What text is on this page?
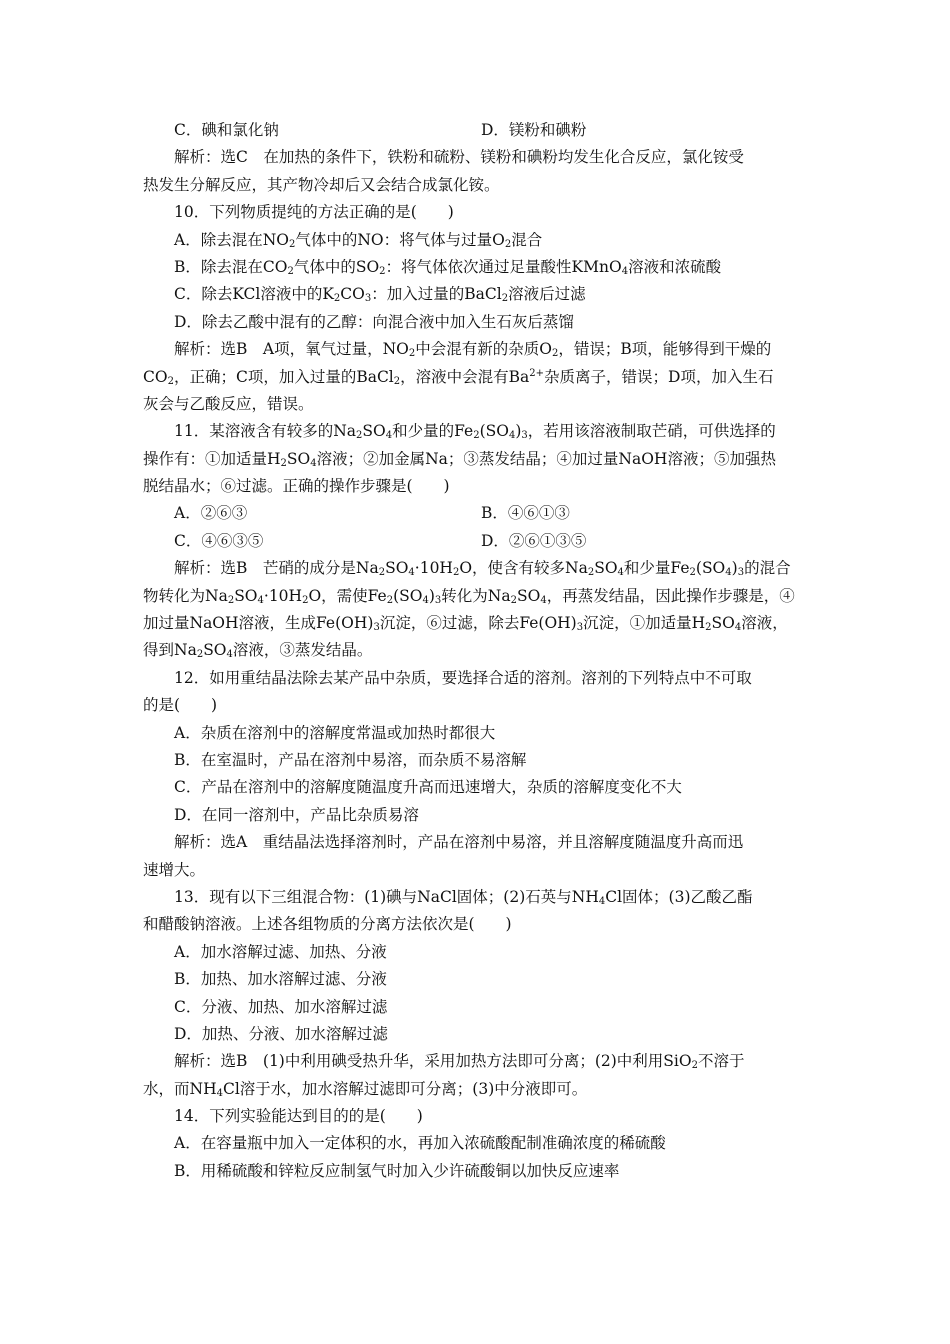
C．碘和氯化钠	D．镁粉和碘粉
解析：选C　在加热的条件下，铁粉和硫粉、镁粉和碘粉均发生化合反应，氯化铵受
热发生分解反应，其产物冷却后又会结合成氯化铵。
10．下列物质提纯的方法正确的是(　　)
A．除去混在$NO_2$气体中的NO：将气体与过量$O_2$混合
B．除去混在$CO_2$气体中的$SO_2$：将气体依次通过足量酸性KMnO$_4$溶液和浓硫酸
C．除去KCl溶液中的$K_2CO_3$：加入过量的BaCl$_2$溶液后过滤
D．除去乙酸中混有的乙醇：向混合液中加入生石灰后蒸馏
解析：选B　A项，氧气过量，$NO_2$中会混有新的杂质$O_2$，错误；B项，能够得到干燥的
$CO_2$，正确；C项，加入过量的BaCl$_2$，溶液中会混有$Ba^{2+}$杂质离子，错误；D项，加入生石
灰会与乙酸反应，错误。
11．某溶液含有较多的$Na_2SO_4$和少量的$Fe_2(SO_4)_3$，若用该溶液制取芒硝，可供选择的
操作有：①加适量$H_2SO_4$溶液；②加金属Na；③蒸发结晶；④加过量NaOH溶液；⑤加强热
脱结晶水；⑥过滤。正确的操作步骤是(　　)
A．②⑥③	B．④⑥①③
C．④⑥③⑤	D．②⑥①③⑤
解析：选B　芒硝的成分是$Na_2SO_4\cdot 10H_2O$，使含有较多$Na_2SO_4$和少量$Fe_2(SO_4)_3$的混合
物转化为$Na_2SO_4\cdot 10H_2O$，需使$Fe_2(SO_4)_3$转化为$Na_2SO_4$，再蒸发结晶，因此操作步骤是，④
加过量NaOH溶液，生成$Fe(OH)_3$沉淀，⑥过滤，除去$Fe(OH)_3$沉淀，①加适量$H_2SO_4$溶液，
得到$Na_2SO_4$溶液，③蒸发结晶。
12．如用重结晶法除去某产品中杂质，要选择合适的溶剂。溶剂的下列特点中不可取
的是(　　)
A．杂质在溶剂中的溶解度常温或加热时都很大
B．在室温时，产品在溶剂中易溶，而杂质不易溶解
C．产品在溶剂中的溶解度随温度升高而迅速增大，杂质的溶解度变化不大
D．在同一溶剂中，产品比杂质易溶
解析：选A　重结晶法选择溶剂时，产品在溶剂中易溶，并且溶解度随温度升高而迅
速增大。
13．现有以下三组混合物：(1)碘与NaCl固体；(2)石英与$NH_4Cl$固体；(3)乙酸乙酯
和醋酸钠溶液。上述各组物质的分离方法依次是(　　)
A．加水溶解过滤、加热、分液
B．加热、加水溶解过滤、分液
C．分液、加热、加水溶解过滤
D．加热、分液、加水溶解过滤
解析：选B　(1)中利用碘受热升华，采用加热方法即可分离；(2)中利用SiO$_2$不溶于
水，而$NH_4Cl$溶于水，加水溶解过滤即可分离；(3)中分液即可。
14．下列实验能达到目的的是(　　)
A．在容量瓶中加入一定体积的水，再加入浓硫酸配制准确浓度的稀硫酸
B．用稀硫酸和锌粒反应制氢气时加入少许硫酸铜以加快反应速率
